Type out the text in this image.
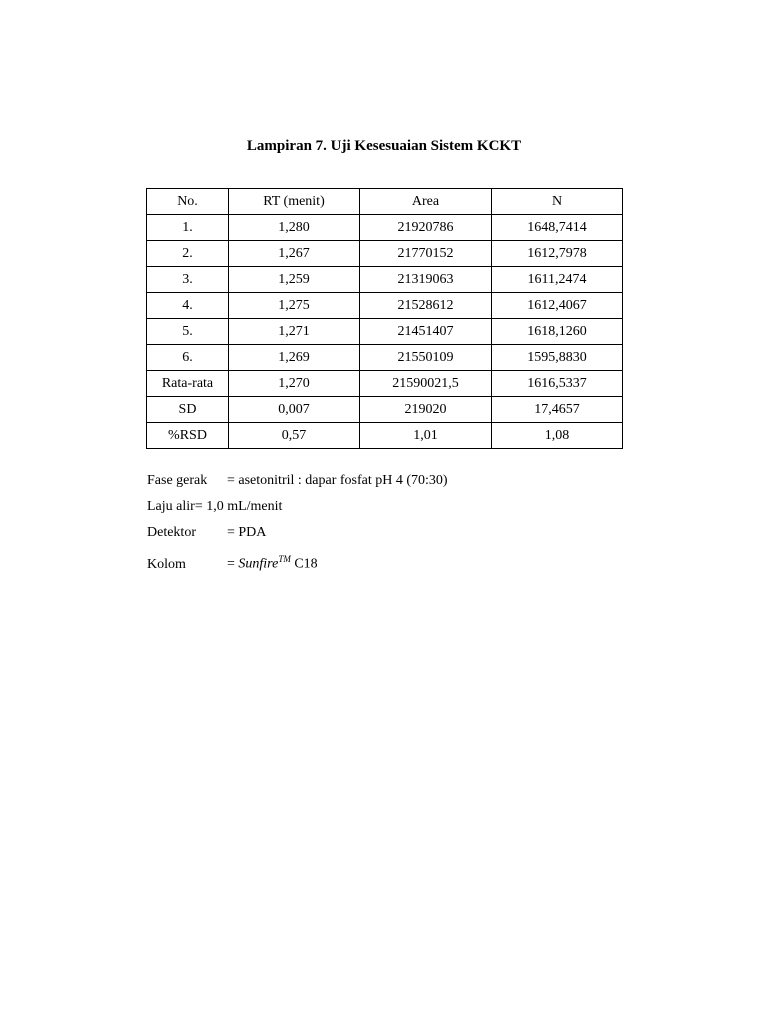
Lampiran 7. Uji Kesesuaian Sistem KCKT
No.	RT (menit)	Area	N
1.	1,280	21920786	1648,7414
2.	1,267	21770152	1612,7978
3.	1,259	21319063	1611,2474
4.	1,275	21528612	1612,4067
5.	1,271	21451407	1618,1260
6.	1,269	21550109	1595,8830
Rata-rata	1,270	21590021,5	1616,5337
SD	0,007	219020	17,4657
%RSD	0,57	1,01	1,08
Fase gerak = asetonitril : dapar fosfat pH 4 (70:30)
Laju alir= 1,0 mL/menit
Detektor = PDA
Kolom	= Sunfire™ C18
